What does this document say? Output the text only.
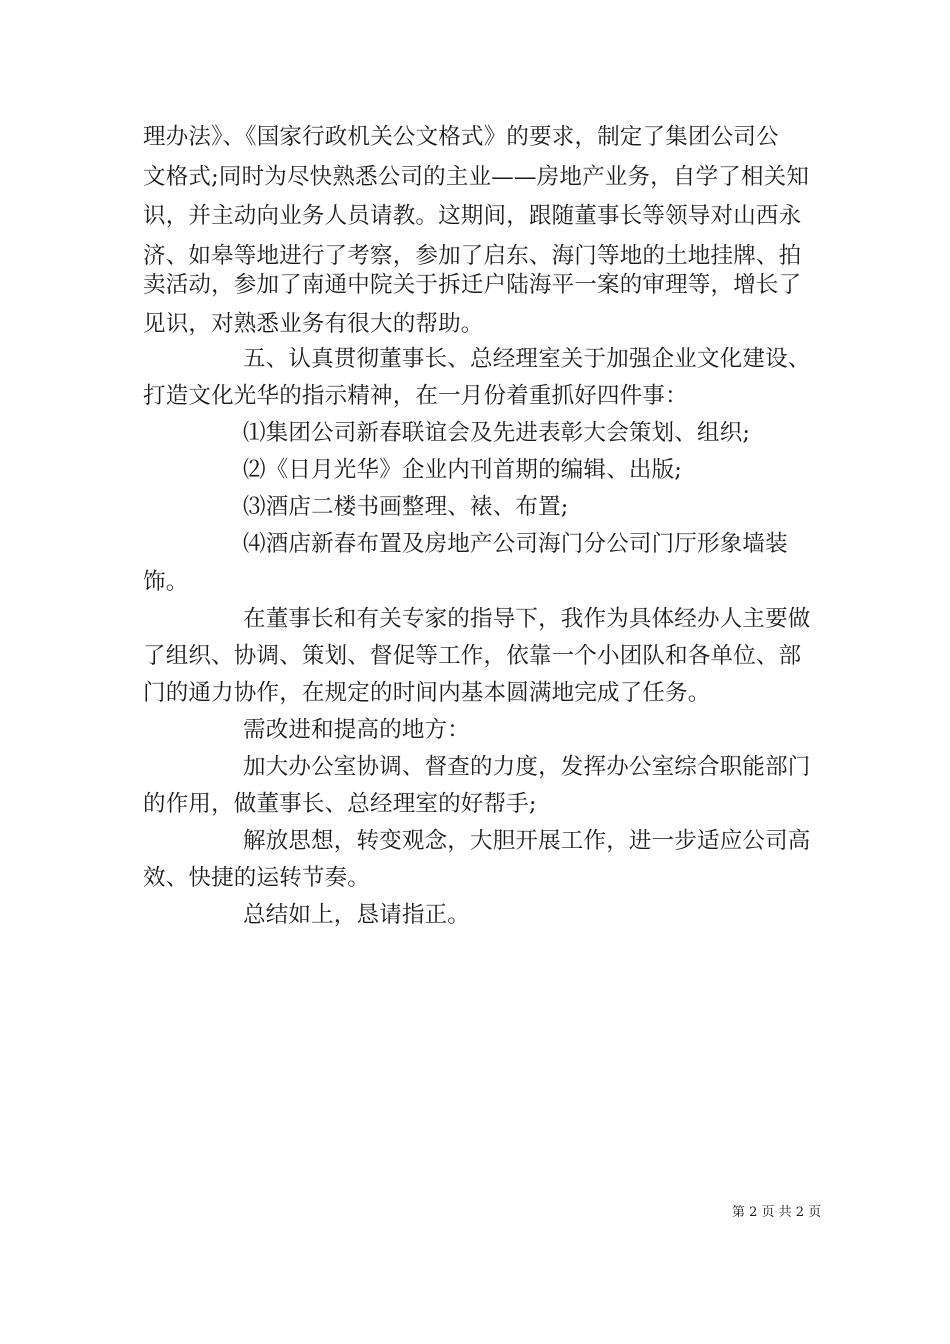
理办法》、《国家行政机关公文格式》的要求，制定了集团公司公
文格式;同时为尽快熟悉公司的主业——房地产业务，自学了相关知
识，并主动向业务人员请教。这期间，跟随董事长等领导对山西永
济、如皋等地进行了考察，参加了启东、海门等地的土地挂牌、拍
卖活动，参加了南通中院关于拆迁户陆海平一案的审理等，增长了
见识，对熟悉业务有很大的帮助。
五、认真贯彻董事长、总经理室关于加强企业文化建设、
打造文化光华的指示精神，在一月份着重抓好四件事：
⑴集团公司新春联谊会及先进表彰大会策划、组织;
⑵《日月光华》企业内刊首期的编辑、出版;
⑶酒店二楼书画整理、裱、布置;
⑷酒店新春布置及房地产公司海门分公司门厅形象墙装
饰。
在董事长和有关专家的指导下，我作为具体经办人主要做
了组织、协调、策划、督促等工作，依靠一个小团队和各单位、部
门的通力协作，在规定的时间内基本圆满地完成了任务。
需改进和提高的地方：
加大办公室协调、督查的力度，发挥办公室综合职能部门
的作用，做董事长、总经理室的好帮手;
解放思想，转变观念，大胆开展工作，进一步适应公司高
效、快捷的运转节奏。
总结如上，恳请指正。
第 2 页 共 2 页
